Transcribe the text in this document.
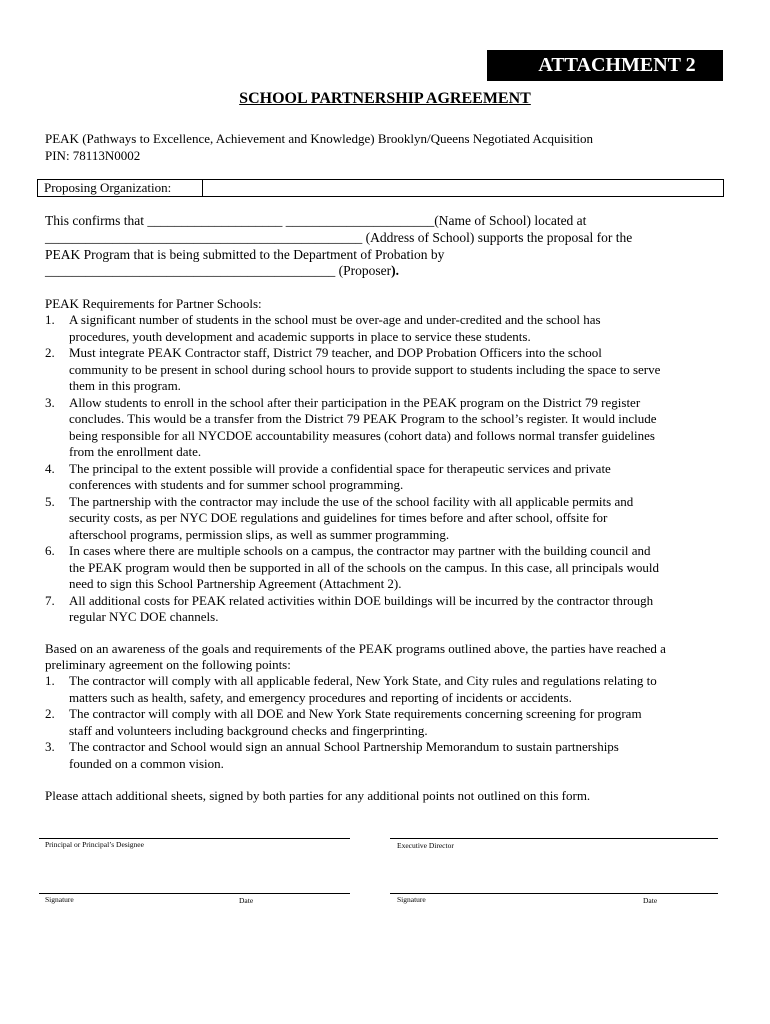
ATTACHMENT 2
SCHOOL PARTNERSHIP AGREEMENT
PEAK (Pathways to Excellence, Achievement and Knowledge) Brooklyn/Queens Negotiated Acquisition
PIN: 78113N0002
Proposing Organization:	
This confirms that ____________________ ______________________(Name of School) located at
_______________________________________________ (Address of School) supports the proposal for the
PEAK Program that is being submitted to the Department of Probation by
___________________________________________ (Proposer).
PEAK Requirements for Partner Schools:
1. A significant number of students in the school must be over-age and under-credited and the school has
procedures, youth development and academic supports in place to service these students.
2. Must integrate PEAK Contractor staff, District 79 teacher, and DOP Probation Officers into the school
community to be present in school during school hours to provide support to students including the space to serve
them in this program.
3. Allow students to enroll in the school after their participation in the PEAK program on the District 79 register
concludes. This would be a transfer from the District 79 PEAK Program to the school’s register. It would include
being responsible for all NYCDOE accountability measures (cohort data) and follows normal transfer guidelines
from the enrollment date.
4. The principal to the extent possible will provide a confidential space for therapeutic services and private
conferences with students and for summer school programming.
5. The partnership with the contractor may include the use of the school facility with all applicable permits and
security costs, as per NYC DOE regulations and guidelines for times before and after school, offsite for
afterschool programs, permission slips, as well as summer programming.
6. In cases where there are multiple schools on a campus, the contractor may partner with the building council and
the PEAK program would then be supported in all of the schools on the campus. In this case, all principals would
need to sign this School Partnership Agreement (Attachment 2).
7. All additional costs for PEAK related activities within DOE buildings will be incurred by the contractor through
regular NYC DOE channels.
Based on an awareness of the goals and requirements of the PEAK programs outlined above, the parties have reached a
preliminary agreement on the following points:
1. The contractor will comply with all applicable federal, New York State, and City rules and regulations relating to
matters such as health, safety, and emergency procedures and reporting of incidents or accidents.
2. The contractor will comply with all DOE and New York State requirements concerning screening for program
staff and volunteers including background checks and fingerprinting.
3. The contractor and School would sign an annual School Partnership Memorandum to sustain partnerships
founded on a common vision.
Please attach additional sheets, signed by both parties for any additional points not outlined on this form.
Principal or Principal’s Designee	Executive Director
Signature	Date	Signature	Date
